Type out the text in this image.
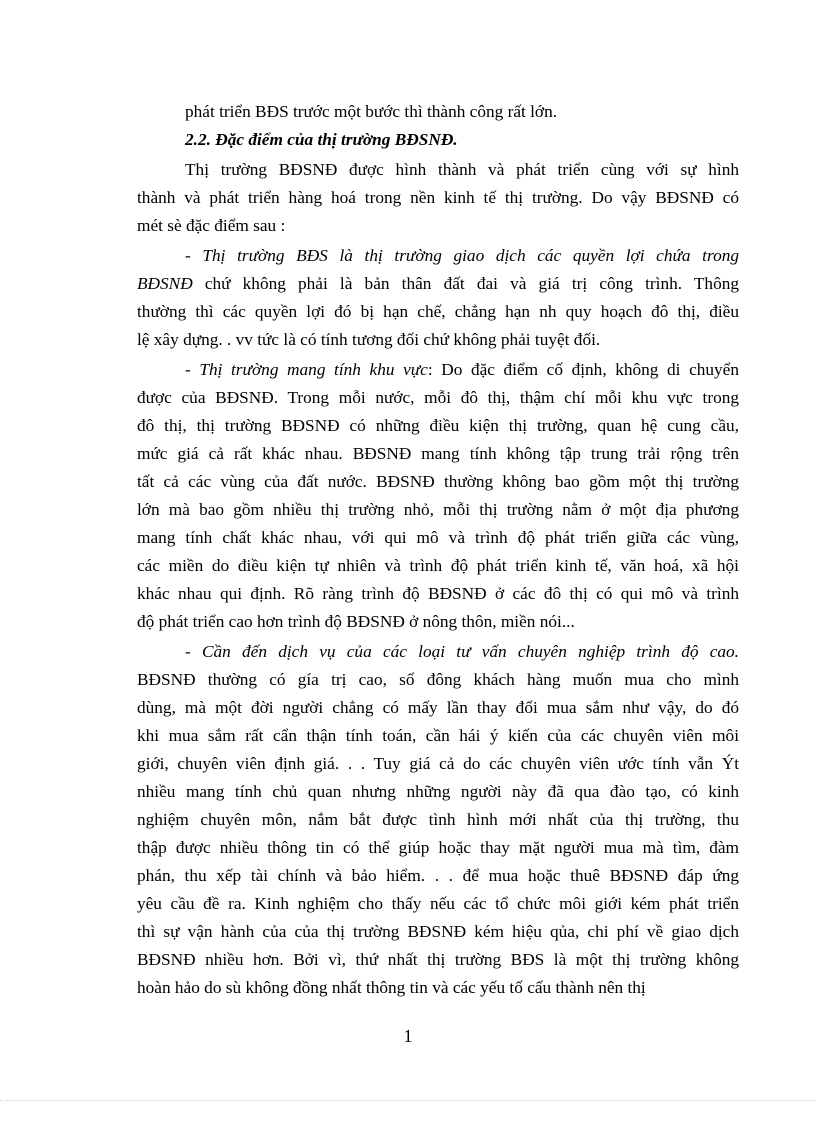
phát triển BĐS trước một bước thì thành công rất lớn.
2.2. Đặc điểm của thị trường BĐSNĐ.
Thị trường BĐSNĐ được hình thành và phát triển cùng với sự hình
thành và phát triển hàng hoá trong nền kinh tế thị trường. Do vậy BĐSNĐ có
mét sè đặc điểm sau :
- Thị trường BĐS là thị trường giao dịch các quyền lợi chứa trong
BĐSNĐ chứ không phải là bản thân đất đai và giá trị công trình. Thông
thường thì các quyền lợi đó bị hạn chế, chẳng hạn nh quy hoạch đô thị, điều
lệ xây dựng. . vv tức là có tính tương đối chứ không phải tuyệt đối.
- Thị trường mang tính khu vực: Do đặc điểm cố định, không di chuyển
được của BĐSNĐ. Trong mỗi nước, mỗi đô thị, thậm chí mỗi khu vực trong
đô thị, thị trường BĐSNĐ có những điều kiện thị trường, quan hệ cung cầu,
mức giá cả rất khác nhau. BĐSNĐ mang tính không tập trung trải rộng trên
tất cả các vùng của đất nước. BĐSNĐ thường không bao gồm một thị trường
lớn mà bao gồm nhiều thị trường nhỏ, mỗi thị trường nằm ở một địa phương
mang tính chất khác nhau, với qui mô và trình độ phát triển giữa các vùng,
các miền do điều kiện tự nhiên và trình độ phát triển kinh tế, văn hoá, xã hội
khác nhau qui định. Rõ ràng trình độ BĐSNĐ ở các đô thị có qui mô và trình
độ phát triển cao hơn trình độ BĐSNĐ ở nông thôn, miền nói...
- Cần đến dịch vụ của các loại tư vấn chuyên nghiệp trình độ cao.
BĐSNĐ thường có gía trị cao, số đông khách hàng muốn mua cho mình
dùng, mà một đời người chẳng có mấy lần thay đổi mua sắm như vậy, do đó
khi mua sắm rất cẩn thận tính toán, cần hái ý kiến của các chuyên viên môi
giới, chuyên viên định giá. . . Tuy giá cả do các chuyên viên ước tính vẫn Ýt
nhiều mang tính chủ quan nhưng những người này đã qua đào tạo, có kinh
nghiệm chuyên môn, nắm bắt được tình hình mới nhất của thị trường, thu
thập được nhiều thông tin có thể giúp hoặc thay mặt người mua mà tìm, đàm
phán, thu xếp tài chính và bảo hiểm. . . để mua hoặc thuê BĐSNĐ đáp ứng
yêu cầu đề ra. Kinh nghiệm cho thấy nếu các tổ chức môi giới kém phát triển
thì sự vận hành của của thị trường BĐSNĐ kém hiệu qủa, chi phí về giao dịch
BĐSNĐ nhiều hơn. Bởi vì, thứ nhất thị trường BĐS là một thị trường không
hoàn hảo do sù không đồng nhất thông tin và các yếu tố cấu thành nên thị
1
